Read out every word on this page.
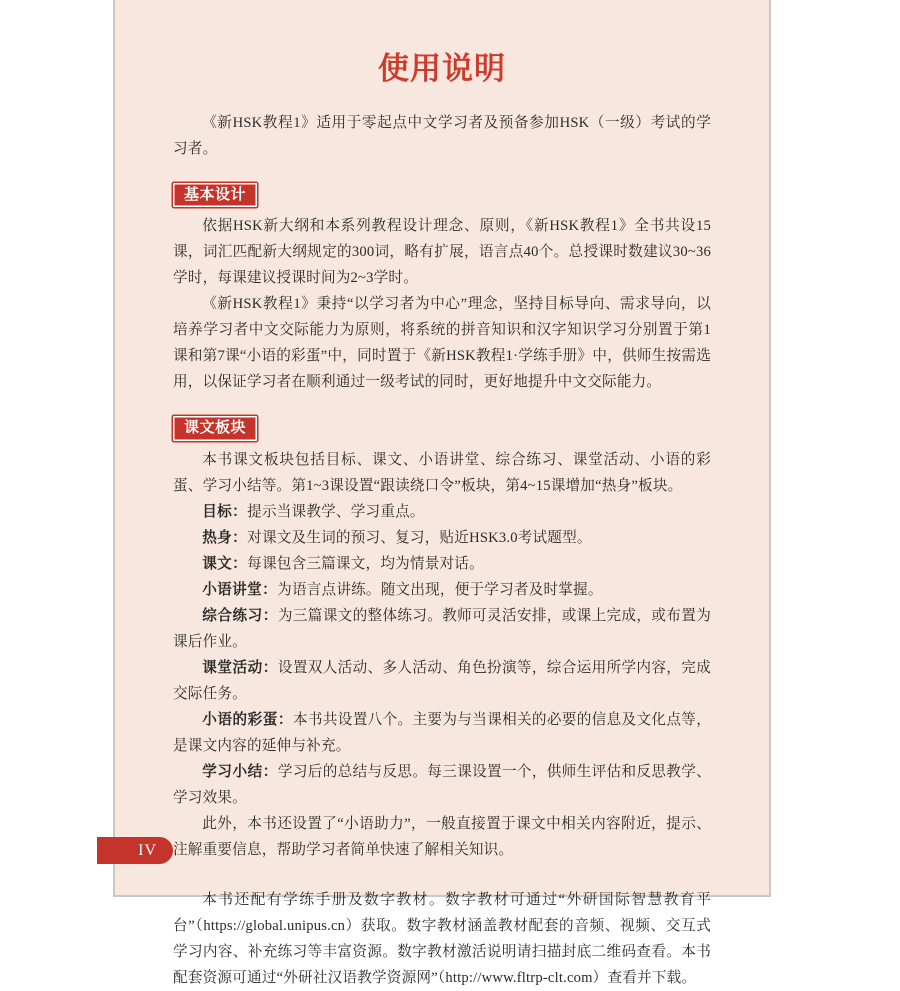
使用说明

《新HSK教程1》适用于零起点中文学习者及预备参加HSK（一级）考试的学习者。

基本设计

依据HSK新大纲和本系列教程设计理念、原则，《新HSK教程1》全书共设15课，词汇匹配新大纲规定的300词，略有扩展，语言点40个。总授课时数建议30~36学时，每课建议授课时间为2~3学时。

《新HSK教程1》秉持“以学习者为中心”理念，坚持目标导向、需求导向，以培养学习者中文交际能力为原则，将系统的拼音知识和汉字知识学习分别置于第1课和第7课“小语的彩蛋”中，同时置于《新HSK教程1·学练手册》中，供师生按需选用，以保证学习者在顺利通过一级考试的同时，更好地提升中文交际能力。

课文板块

本书课文板块包括目标、课文、小语讲堂、综合练习、课堂活动、小语的彩蛋、学习小结等。第1~3课设置“跟读绕口令”板块，第4~15课增加“热身”板块。

目标：提示当课教学、学习重点。

热身：对课文及生词的预习、复习，贴近HSK3.0考试题型。

课文：每课包含三篇课文，均为情景对话。

小语讲堂：为语言点讲练。随文出现，便于学习者及时掌握。

综合练习：为三篇课文的整体练习。教师可灵活安排，或课上完成，或布置为课后作业。

课堂活动：设置双人活动、多人活动、角色扮演等，综合运用所学内容，完成交际任务。

小语的彩蛋：本书共设置八个。主要为与当课相关的必要的信息及文化点等，是课文内容的延伸与补充。

学习小结：学习后的总结与反思。每三课设置一个，供师生评估和反思教学、学习效果。

此外，本书还设置了“小语助力”，一般直接置于课文中相关内容附近，提示、注解重要信息，帮助学习者简单快速了解相关知识。

本书还配有学练手册及数字教材。数字教材可通过“外研国际智慧教育平台”（https://global.unipus.cn）获取。数字教材涵盖教材配套的音频、视频、交互式学习内容、补充练习等丰富资源。数字教材激活说明请扫描封底二维码查看。本书配套资源可通过“外研社汉语教学资源网”（http://www.fltrp-clt.com）查看并下载。

IV
